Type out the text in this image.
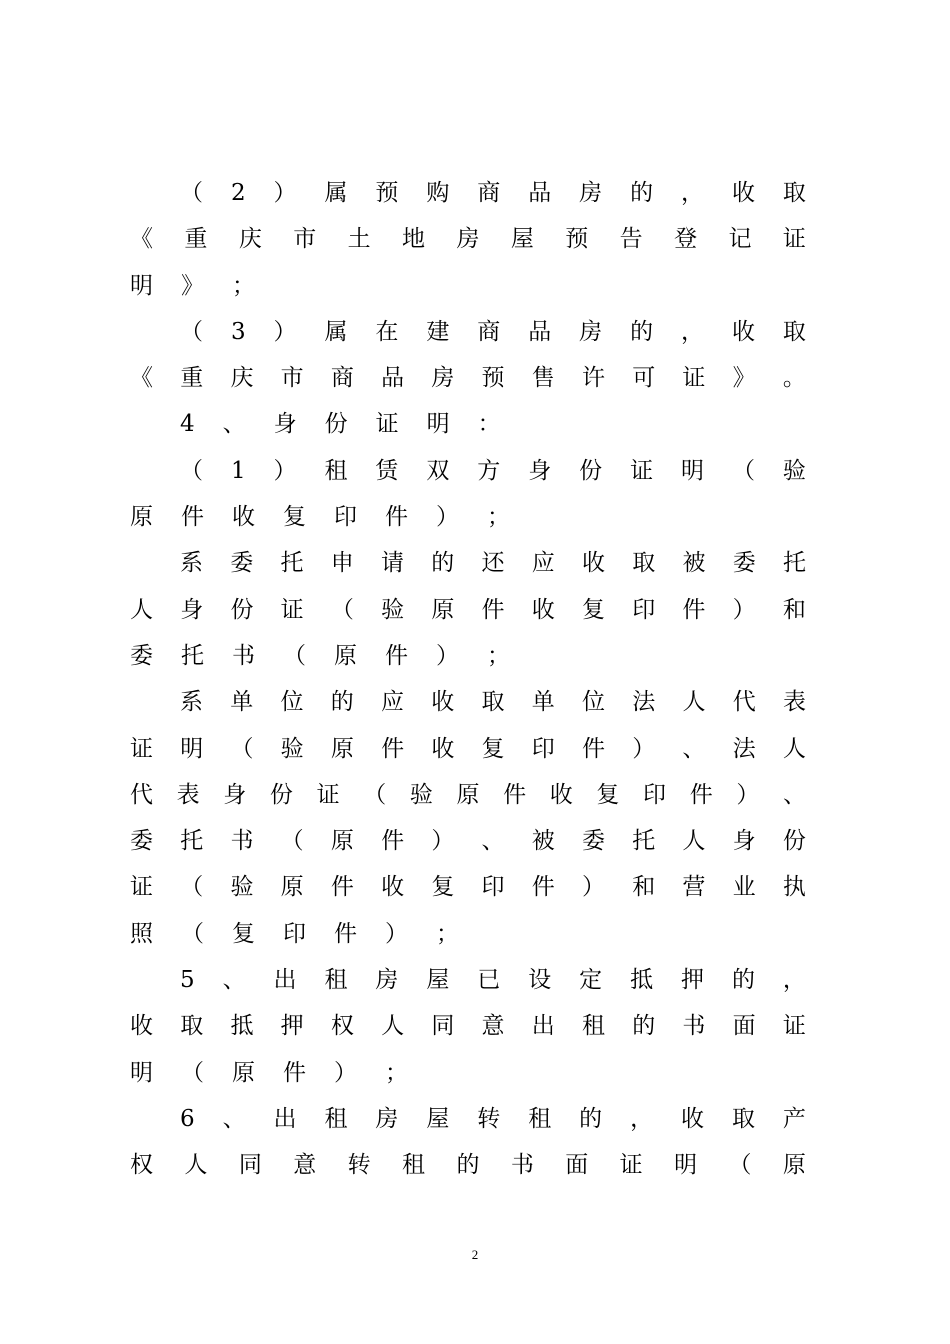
（ 2 ） 属 预 购 商 品 房 的 ， 收 取
《 重 庆 市 土 地 房 屋 预 告 登 记 证
明 》 ；
（ 3 ） 属 在 建 商 品 房 的 ， 收 取
《 重 庆 市 商 品 房 预 售 许 可 证 》 。
4 、 身 份 证 明 ：
（ 1 ） 租 赁 双 方 身 份 证 明 （ 验
原 件 收 复 印 件 ） ；
系 委 托 申 请 的 还 应 收 取 被 委 托
人 身 份 证 （ 验 原 件 收 复 印 件 ） 和
委 托 书 （ 原 件 ） ；
系 单 位 的 应 收 取 单 位 法 人 代 表
证 明 （ 验 原 件 收 复 印 件 ） 、 法 人
代 表 身 份 证 （ 验 原 件 收 复 印 件 ） 、
委 托 书 （ 原 件 ） 、 被 委 托 人 身 份
证 （ 验 原 件 收 复 印 件 ） 和 营 业 执
照 （ 复 印 件 ） ；
5 、 出 租 房 屋 已 设 定 抵 押 的 ，
收 取 抵 押 权 人 同 意 出 租 的 书 面 证
明 （ 原 件 ） ；
6 、 出 租 房 屋 转 租 的 ， 收 取 产
权 人 同 意 转 租 的 书 面 证 明 （ 原
2
